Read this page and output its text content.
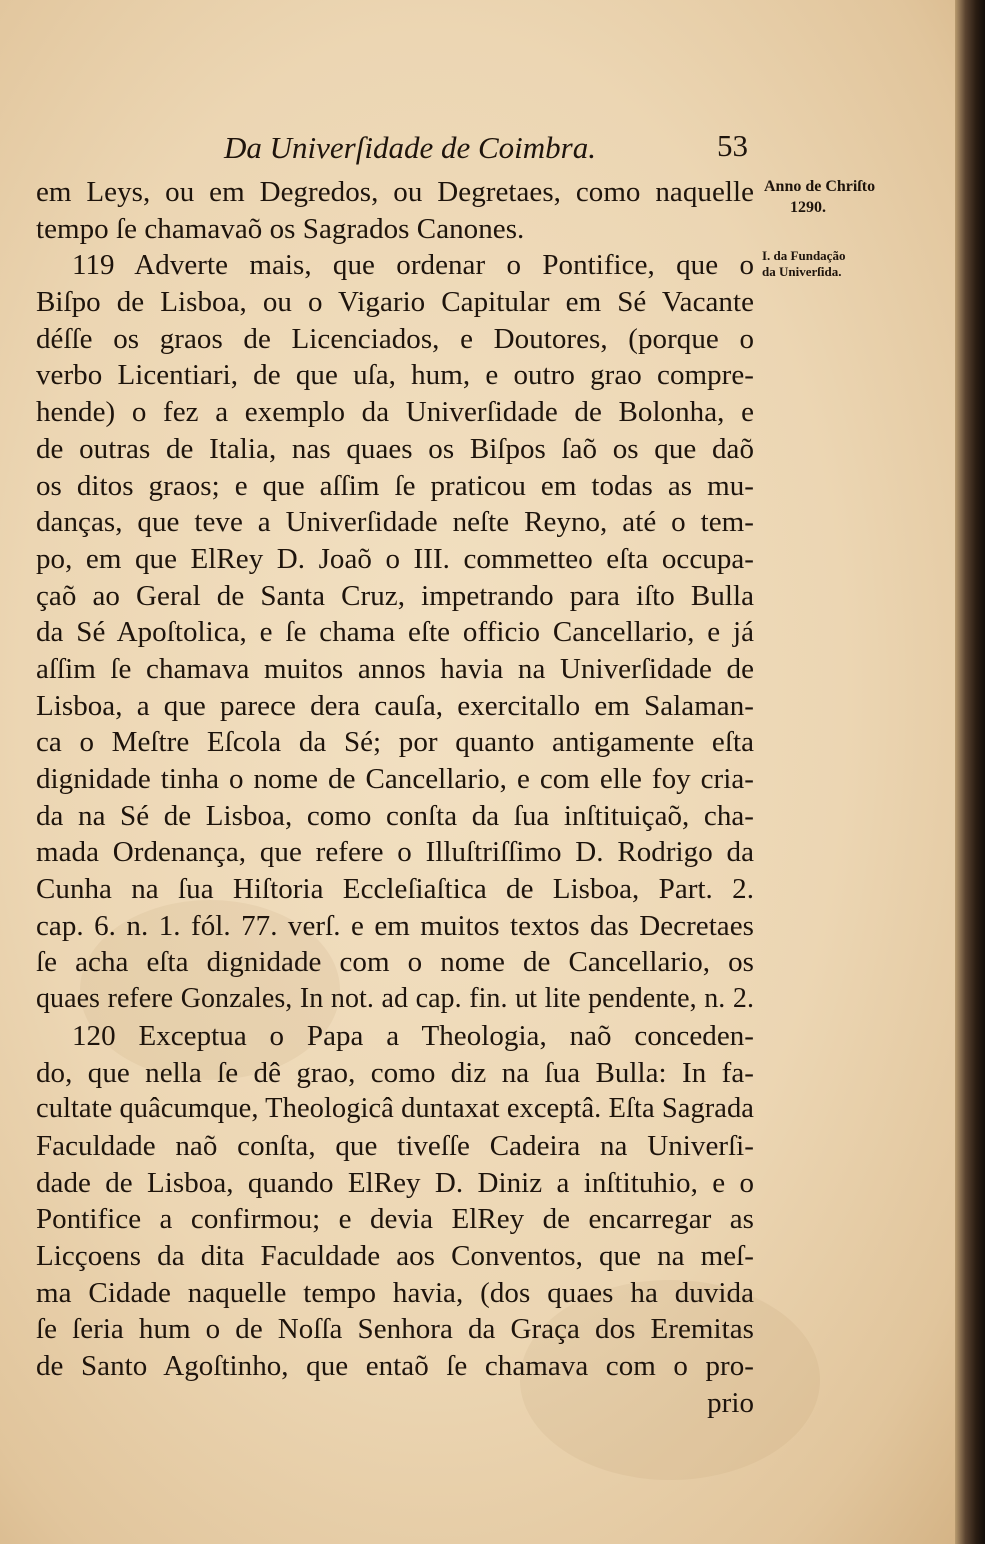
Da Univerſidade de Coimbra.	53
Anno de Chriſto
1290.
I. da Fundação
da Univerſida.
em Leys, ou em Degredos, ou Degretaes, como naquelle
tempo ſe chamavaõ os Sagrados Canones.
119 Adverte mais, que ordenar o Pontifice, que o
Biſpo de Lisboa, ou o Vigario Capitular em Sé Vacante
déſſe os graos de Licenciados, e Doutores, (porque o
verbo Licentiari, de que uſa, hum, e outro grao compre-
hende) o fez a exemplo da Univerſidade de Bolonha, e
de outras de Italia, nas quaes os Biſpos ſaõ os que daõ
os ditos graos; e que aſſim ſe praticou em todas as mu-
danças, que teve a Univerſidade neſte Reyno, até o tem-
po, em que ElRey D. Joaõ o III. commetteo eſta occupa-
çaõ ao Geral de Santa Cruz, impetrando para iſto Bulla
da Sé Apoſtolica, e ſe chama eſte officio Cancellario, e já
aſſim ſe chamava muitos annos havia na Univerſidade de
Lisboa, a que parece dera cauſa, exercitallo em Salaman-
ca o Meſtre Eſcola da Sé; por quanto antigamente eſta
dignidade tinha o nome de Cancellario, e com elle foy cria-
da na Sé de Lisboa, como conſta da ſua inſtituiçaõ, cha-
mada Ordenança, que refere o Illuſtriſſimo D. Rodrigo da
Cunha na ſua Hiſtoria Eccleſiaſtica de Lisboa, Part. 2.
cap. 6. n. 1. fól. 77. verſ. e em muitos textos das Decretaes
ſe acha eſta dignidade com o nome de Cancellario, os
quaes refere Gonzales, In not. ad cap. fin. ut lite pendente, n. 2.
120 Exceptua o Papa a Theologia, naõ conceden-
do, que nella ſe dê grao, como diz na ſua Bulla: In fa-
cultate quâcumque, Theologicâ duntaxat exceptâ. Eſta Sagrada
Faculdade naõ conſta, que tiveſſe Cadeira na Univerſi-
dade de Lisboa, quando ElRey D. Diniz a inſtituhio, e o
Pontifice a confirmou; e devia ElRey de encarregar as
Licçoens da dita Faculdade aos Conventos, que na meſ-
ma Cidade naquelle tempo havia, (dos quaes ha duvida
ſe ſeria hum o de Noſſa Senhora da Graça dos Eremitas
de Santo Agoſtinho, que entaõ ſe chamava com o pro-
prio
